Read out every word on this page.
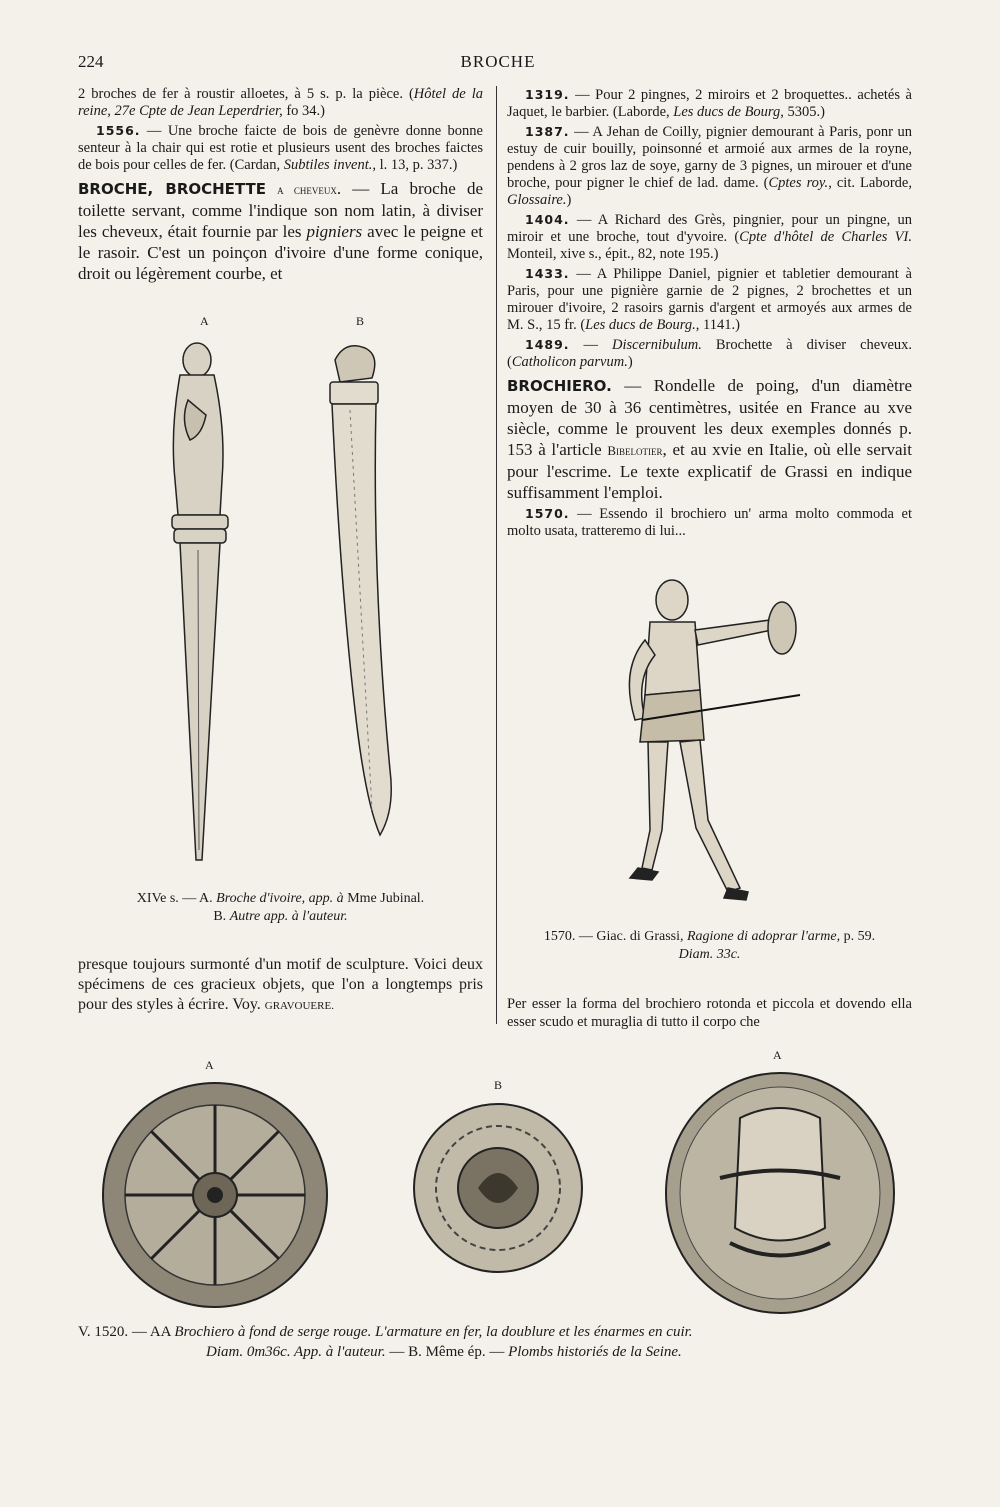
224	BROCHE

2 broches de fer à roustir alloetes, à 5 s. p. la pièce. (Hôtel de la reine, 27e Cpte de Jean Leperdrier, fo 34.)

1556. — Une broche faicte de bois de genèvre donne bonne senteur à la chair qui est rotie et plusieurs usent des broches faictes de bois pour celles de fer. (Cardan, Subtiles invent., l. 13, p. 337.)

BROCHE, BROCHETTE a cheveux. — La broche de toilette servant, comme l'indique son nom latin, à diviser les cheveux, était fournie par les pigniers avec le peigne et le rasoir. C'est un poinçon d'ivoire d'une forme conique, droit ou légèrement courbe, et

A	B
XIVe s. — A. Broche d'ivoire, app. à Mme Jubinal.
B. Autre app. à l'auteur.
presque toujours surmonté d'un motif de sculpture. Voici deux spécimens de ces gracieux objets, que l'on a longtemps pris pour des styles à écrire. Voy. GRAVOUERE.

1319. — Pour 2 pingnes, 2 miroirs et 2 broquettes.. achetés à Jaquet, le barbier. (Laborde, Les ducs de Bourg, 5305.)

1387. — A Jehan de Coilly, pignier demourant à Paris, ponr un estuy de cuir bouilly, poinsonné et armoié aux armes de la royne, pendens à 2 gros laz de soye, garny de 3 pignes, un mirouer et d'une broche, pour pigner le chief de lad. dame. (Cptes roy., cit. Laborde, Glossaire.)

1404. — A Richard des Grès, pingnier, pour un pingne, un miroir et une broche, tout d'yvoire. (Cpte d'hôtel de Charles VI. Monteil, xive s., épit., 82, note 195.)

1433. — A Philippe Daniel, pignier et tabletier demourant à Paris, pour une pignière garnie de 2 pignes, 2 brochettes et un mirouer d'ivoire, 2 rasoirs garnis d'argent et armoyés aux armes de M. S., 15 fr. (Les ducs de Bourg., 1141.)

1489. — Discernibulum. Brochette à diviser cheveux. (Catholicon parvum.)

BROCHIERO. — Rondelle de poing, d'un diamètre moyen de 30 à 36 centimètres, usitée en France au xve siècle, comme le prouvent les deux exemples donnés p. 153 à l'article Bibelotier, et au xvie en Italie, où elle servait pour l'escrime. Le texte explicatif de Grassi en indique suffisamment l'emploi.

1570. — Essendo il brochiero un' arma molto commoda et molto usata, tratteremo di lui...

1570. — Giac. di Grassi, Ragione di adoprar l'arme, p. 59.
Diam. 33c.
Per esser la forma del brochiero rotonda et piccola et dovendo ella esser scudo et muraglia di tutto il corpo che
A
B
A
V. 1520. — AA Brochiero à fond de serge rouge. L'armature en fer, la doublure et les énarmes en cuir.
Diam. 0m36c. App. à l'auteur. — B. Même ép. — Plombs historiés de la Seine.
